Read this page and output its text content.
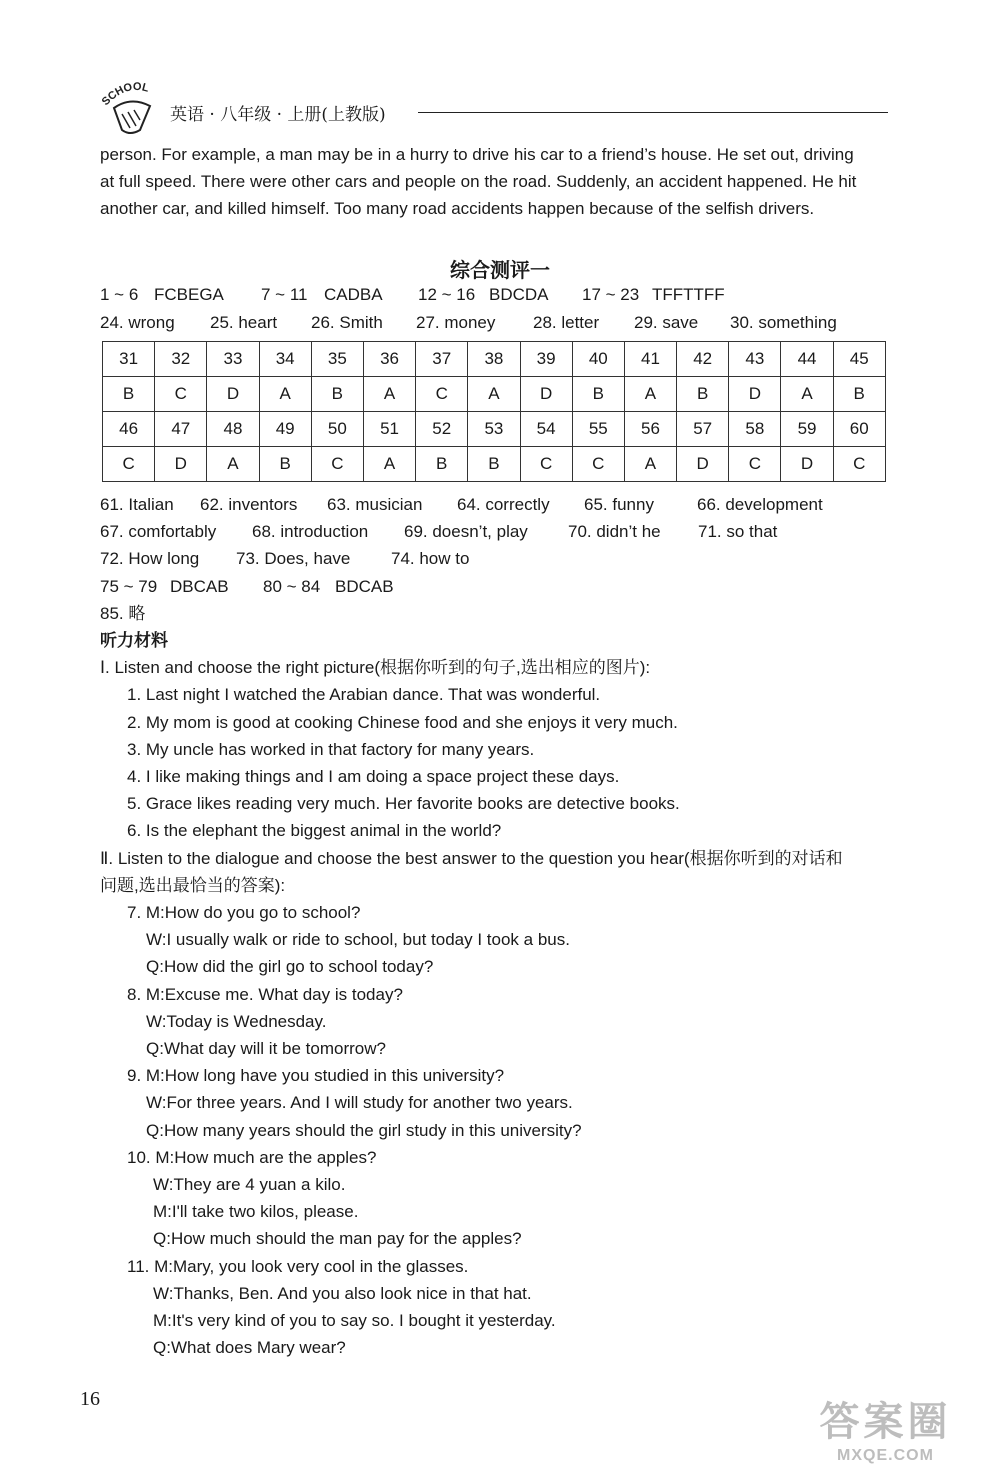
SCHOOL
英语 · 八年级 · 上册(上教版)
person. For example, a man may be in a hurry to drive his car to a friend’s house. He set out, driving
at full speed. There were other cars and people on the road. Suddenly, an accident happened. He hit
another car, and killed himself. Too many road accidents happen because of the selfish drivers.
综合测评一
1 ~ 6 FCBEGA 7 ~ 11 CADBA 12 ~ 16 BDCDA 17 ~ 23 TFFTTFF
24. wrong 25. heart 26. Smith 27. money 28. letter 29. save 30. something
31	32	33	34	35	36	37	38	39	40	41	42	43	44	45
B	C	D	A	B	A	C	A	D	B	A	B	D	A	B
46	47	48	49	50	51	52	53	54	55	56	57	58	59	60
C	D	A	B	C	A	B	B	C	C	A	D	C	D	C
61. Italian 62. inventors 63. musician 64. correctly 65. funny	66. development
67. comfortably 68. introduction 69. doesn’t, play 70. didn’t he 71. so that
72. How long 73. Does, have 74. how to
75 ~ 79 DBCAB 80 ~ 84 BDCAB
85. 略
听力材料
Ⅰ. Listen and choose the right picture(根据你听到的句子,选出相应的图片):
1. Last night I watched the Arabian dance. That was wonderful.
2. My mom is good at cooking Chinese food and she enjoys it very much.
3. My uncle has worked in that factory for many years.
4. I like making things and I am doing a space project these days.
5. Grace likes reading very much. Her favorite books are detective books.
6. Is the elephant the biggest animal in the world?
Ⅱ. Listen to the dialogue and choose the best answer to the question you hear(根据你听到的对话和
问题,选出最恰当的答案):
7. M:How do you go to school?
W:I usually walk or ride to school, but today I took a bus.
Q:How did the girl go to school today?
8. M:Excuse me. What day is today?
W:Today is Wednesday.
Q:What day will it be tomorrow?
9. M:How long have you studied in this university?
W:For three years. And I will study for another two years.
Q:How many years should the girl study in this university?
10. M:How much are the apples?
W:They are 4 yuan a kilo.
M:I'll take two kilos, please.
Q:How much should the man pay for the apples?
11. M:Mary, you look very cool in the glasses.
W:Thanks, Ben. And you also look nice in that hat.
M:It's very kind of you to say so. I bought it yesterday.
Q:What does Mary wear?
16
答案圈
MXQE.COM
